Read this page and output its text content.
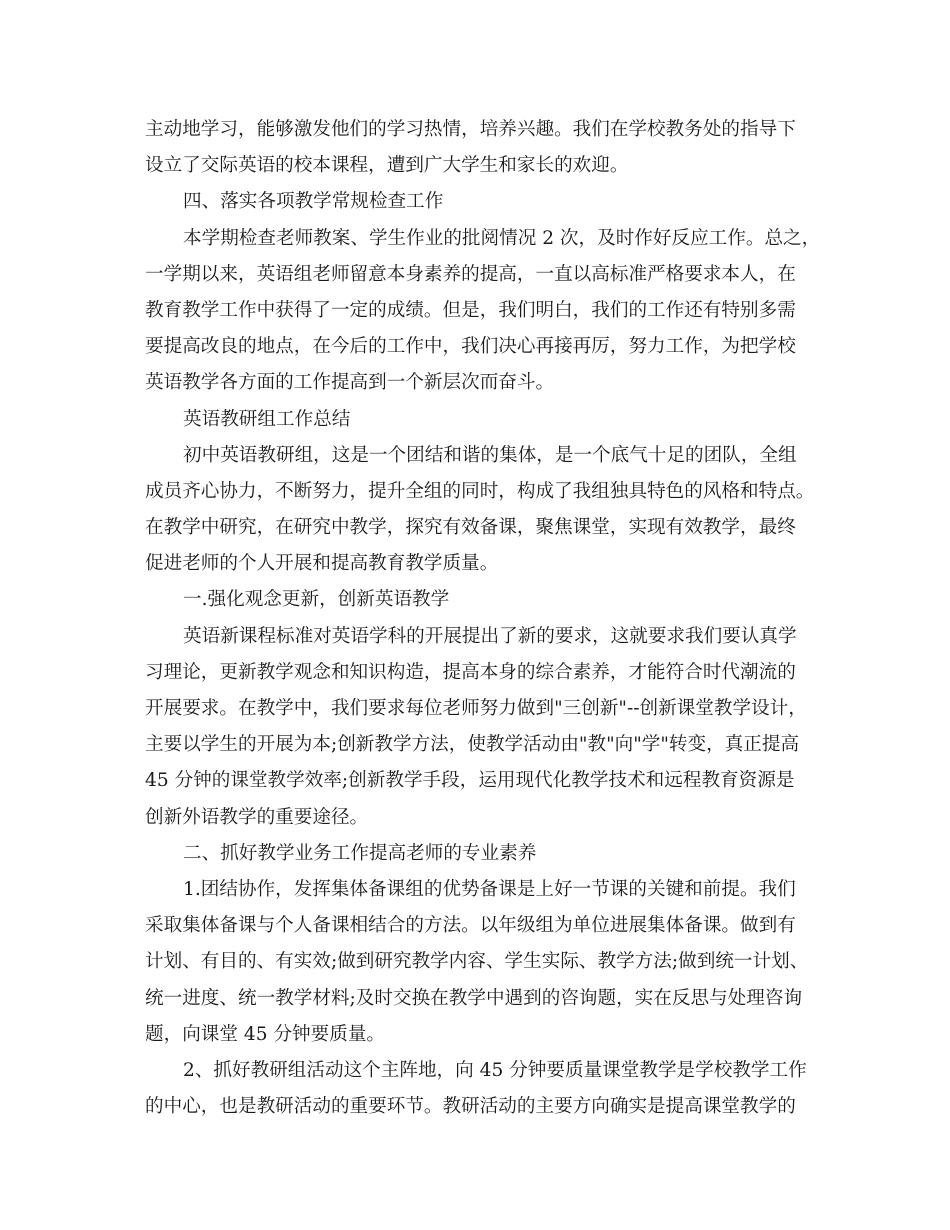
主动地学习，能够激发他们的学习热情，培养兴趣。我们在学校教务处的指导下
设立了交际英语的校本课程，遭到广大学生和家长的欢迎。
四、落实各项教学常规检查工作
本学期检查老师教案、学生作业的批阅情况 2 次，及时作好反应工作。总之，
一学期以来，英语组老师留意本身素养的提高，一直以高标准严格要求本人，在
教育教学工作中获得了一定的成绩。但是，我们明白，我们的工作还有特别多需
要提高改良的地点，在今后的工作中，我们决心再接再厉，努力工作，为把学校
英语教学各方面的工作提高到一个新层次而奋斗。
英语教研组工作总结
初中英语教研组，这是一个团结和谐的集体，是一个底气十足的团队，全组
成员齐心协力，不断努力，提升全组的同时，构成了我组独具特色的风格和特点。
在教学中研究，在研究中教学，探究有效备课，聚焦课堂，实现有效教学，最终
促进老师的个人开展和提高教育教学质量。
一.强化观念更新，创新英语教学
英语新课程标准对英语学科的开展提出了新的要求，这就要求我们要认真学
习理论，更新教学观念和知识构造，提高本身的综合素养，才能符合时代潮流的
开展要求。在教学中，我们要求每位老师努力做到"三创新"--创新课堂教学设计，
主要以学生的开展为本;创新教学方法，使教学活动由"教"向"学"转变，真正提高
45 分钟的课堂教学效率;创新教学手段，运用现代化教学技术和远程教育资源是
创新外语教学的重要途径。
二、抓好教学业务工作提高老师的专业素养
1.团结协作，发挥集体备课组的优势备课是上好一节课的关键和前提。我们
采取集体备课与个人备课相结合的方法。以年级组为单位进展集体备课。做到有
计划、有目的、有实效;做到研究教学内容、学生实际、教学方法;做到统一计划、
统一进度、统一教学材料;及时交换在教学中遇到的咨询题，实在反思与处理咨询
题，向课堂 45 分钟要质量。
2、抓好教研组活动这个主阵地，向 45 分钟要质量课堂教学是学校教学工作
的中心，也是教研活动的重要环节。教研活动的主要方向确实是提高课堂教学的
